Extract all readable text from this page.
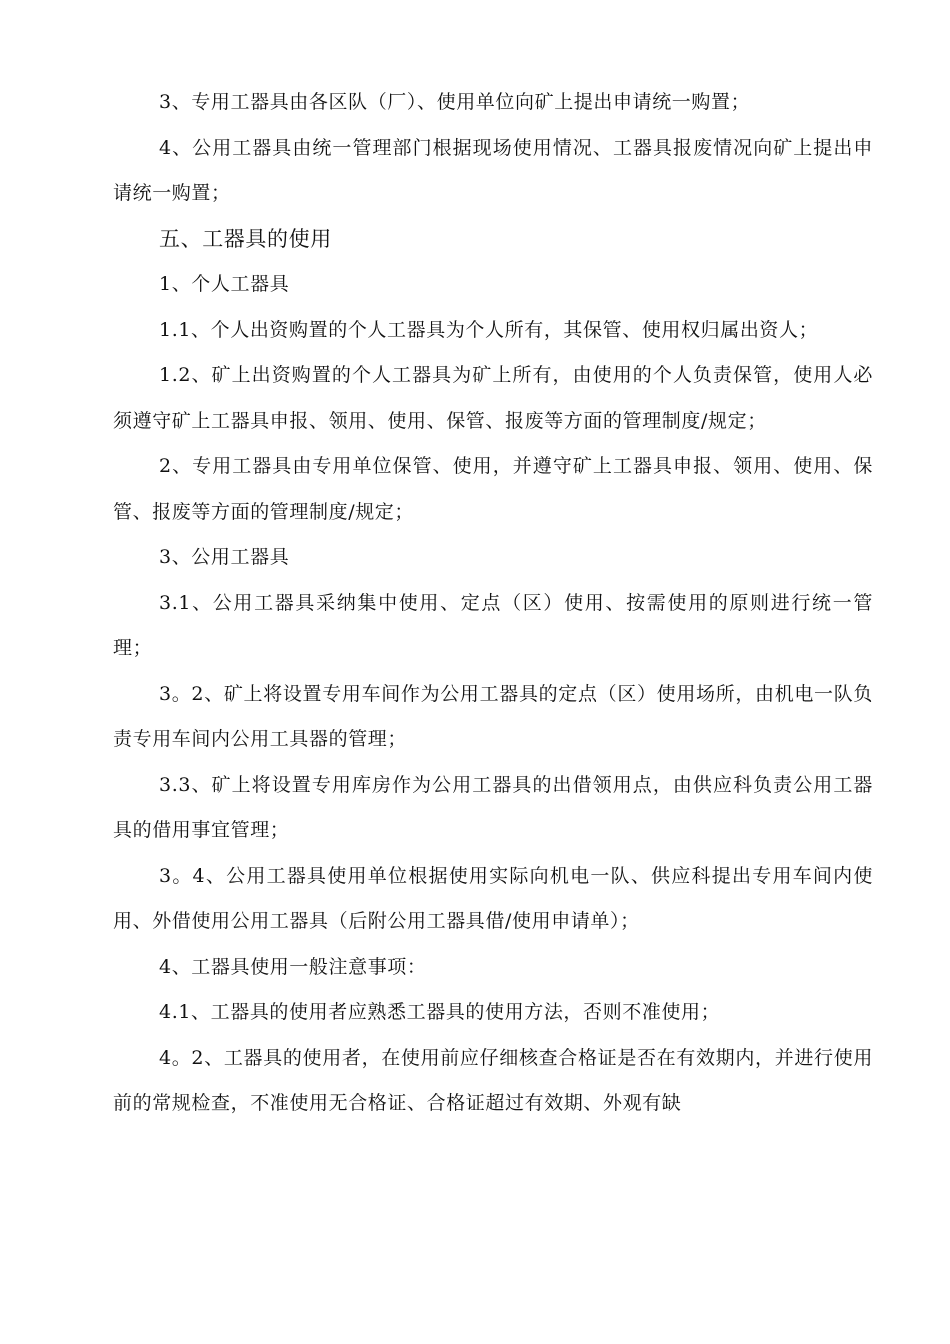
3、专用工器具由各区队（厂）、使用单位向矿上提出申请统一购置；

4、公用工器具由统一管理部门根据现场使用情况、工器具报废情况向矿上提出申请统一购置；

五、工器具的使用

1、个人工器具

1.1、个人出资购置的个人工器具为个人所有，其保管、使用权归属出资人；

1.2、矿上出资购置的个人工器具为矿上所有，由使用的个人负责保管，使用人必须遵守矿上工器具申报、领用、使用、保管、报废等方面的管理制度/规定；

2、专用工器具由专用单位保管、使用，并遵守矿上工器具申报、领用、使用、保管、报废等方面的管理制度/规定；

3、公用工器具

3.1、公用工器具采纳集中使用、定点（区）使用、按需使用的原则进行统一管理；

3。2、矿上将设置专用车间作为公用工器具的定点（区）使用场所，由机电一队负责专用车间内公用工具器的管理；

3.3、矿上将设置专用库房作为公用工器具的出借领用点，由供应科负责公用工器具的借用事宜管理；

3。4、公用工器具使用单位根据使用实际向机电一队、供应科提出专用车间内使用、外借使用公用工器具（后附公用工器具借/使用申请单）；

4、工器具使用一般注意事项：

4.1、工器具的使用者应熟悉工器具的使用方法，否则不准使用；

4。2、工器具的使用者，在使用前应仔细核查合格证是否在有效期内，并进行使用前的常规检查，不准使用无合格证、合格证超过有效期、外观有缺
